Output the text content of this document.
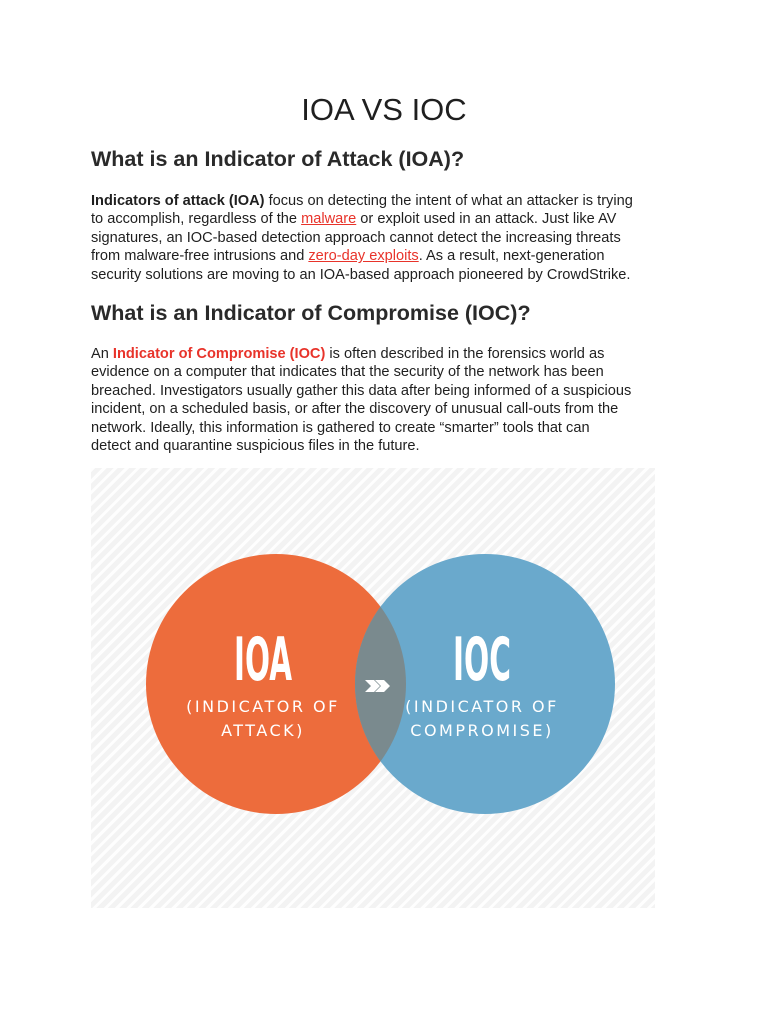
IOA VS IOC
What is an Indicator of Attack (IOA)?

Indicators of attack (IOA) focus on detecting the intent of what an attacker is trying
to accomplish, regardless of the malware or exploit used in an attack. Just like AV
signatures, an IOC-based detection approach cannot detect the increasing threats
from malware-free intrusions and zero-day exploits. As a result, next-generation
security solutions are moving to an IOA-based approach pioneered by CrowdStrike.

What is an Indicator of Compromise (IOC)?

An Indicator of Compromise (IOC) is often described in the forensics world as
evidence on a computer that indicates that the security of the network has been
breached. Investigators usually gather this data after being informed of a suspicious
incident, on a scheduled basis, or after the discovery of unusual call-outs from the
network. Ideally, this information is gathered to create “smarter” tools that can
detect and quarantine suspicious files in the future.

IOA
(INDICATOR OF
ATTACK)
IOC
(INDICATOR OF
COMPROMISE)
